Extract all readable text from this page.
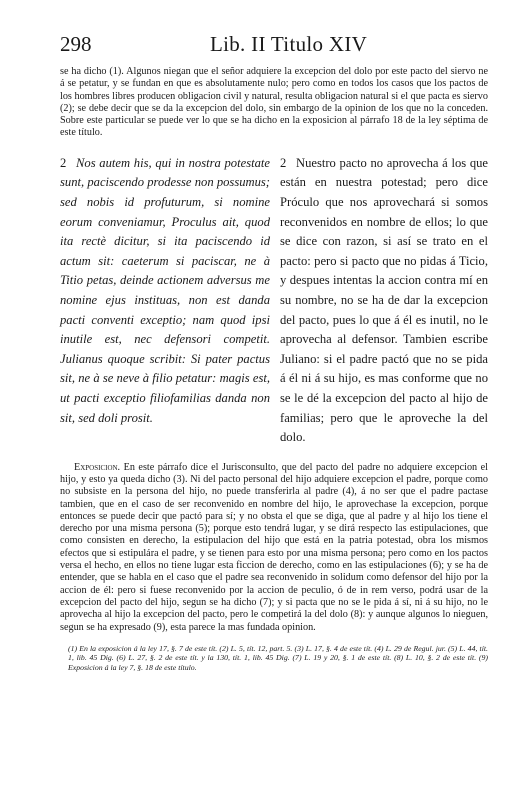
298	Lib. II Titulo XIV

se ha dicho (1). Algunos niegan que el señor adquiere la excepcion del dolo por este pacto del siervo ne á se petatur, y se fundan en que es absolutamente nulo; pero como en todos los casos que los pactos de los hombres libres producen obligacion civil y natural, resulta obligacion natural si el que pacta es siervo (2); se debe decir que se da la excepcion del dolo, sin embargo de la opinion de los que no la conceden. Sobre este particular se puede ver lo que se ha dicho en la exposicion al párrafo 18 de la ley séptima de este título.

2 Nos autem his, qui in nostra potestate sunt, paciscendo prodesse non possumus; sed nobis id profuturum, si nomine eorum conveniamur, Proculus ait, quod ita rectè dicitur, si ita paciscendo id actum sit: caeterum si paciscar, ne à Titio petas, deinde actionem adversus me nomine ejus instituas, non est danda pacti conventi exceptio; nam quod ipsi inutile est, nec defensori competit. Julianus quoque scribit: Si pater pactus sit, ne à se neve à filio petatur: magis est, ut pacti exceptio filiofamilias danda non sit, sed doli prosit.
2 Nuestro pacto no aprovecha á los que están en nuestra potestad; pero dice Próculo que nos aprovechará si somos reconvenidos en nombre de ellos; lo que se dice con razon, si así se trato en el pacto: pero si pacto que no pidas á Ticio, y despues intentas la accion contra mí en su nombre, no se ha de dar la excepcion del pacto, pues lo que á él es inutil, no le aprovecha al defensor. Tambien escribe Juliano: si el padre pactó que no se pida á él ni á su hijo, es mas conforme que no se le dé la excepcion del pacto al hijo de familias; pero que le aproveche la del dolo.

Exposicion. En este párrafo dice el Jurisconsulto, que del pacto del padre no adquiere excepcion el hijo, y esto ya queda dicho (3). Ni del pacto personal del hijo adquiere excepcion el padre, porque como no subsiste en la persona del hijo, no puede transferirla al padre (4), á no ser que el padre pactase tambien, que en el caso de ser reconvenido en nombre del hijo, le aprovechase la excepcion, porque entonces se puede decir que pactó para sí; y no obsta el que se diga, que al padre y al hijo los tiene el derecho por una misma persona (5); porque esto tendrá lugar, y se dirá respecto las estipulaciones, que como consisten en derecho, la estipulacion del hijo que está en la patria potestad, obra los mismos efectos que si estipulára el padre, y se tienen para esto por una misma persona; pero como en los pactos versa el hecho, en ellos no tiene lugar esta ficcion de derecho, como en las estipulaciones (6); y se ha de entender, que se habla en el caso que el padre sea reconvenido in solidum como defensor del hijo por la accion de él: pero si fuese reconvenido por la accion de peculio, ó de in rem verso, podrá usar de la excepcion del pacto del hijo, segun se ha dicho (7); y si pacta que no se le pida á sí, ni á su hijo, no le aprovecha al hijo la excepcion del pacto, pero le competirá la del dolo (8): y aunque algunos lo nieguen, segun se ha expresado (9), esta parece la mas fundada opinion.

(1) En la exposicion á la ley 17, §. 7 de este tít. (2) L. 5, tít. 12, part. 5. (3) L. 17, §. 4 de este tít. (4) L. 29 de Regul. jur. (5) L. 44, tít. 1, lib. 45 Dig. (6) L. 27, §. 2 de este tít. y la 130, tít. 1, lib. 45 Dig. (7) L. 19 y 20, §. 1 de este tít. (8) L. 10, §. 2 de este tít. (9) Exposicion á la ley 7, §. 18 de este título.
